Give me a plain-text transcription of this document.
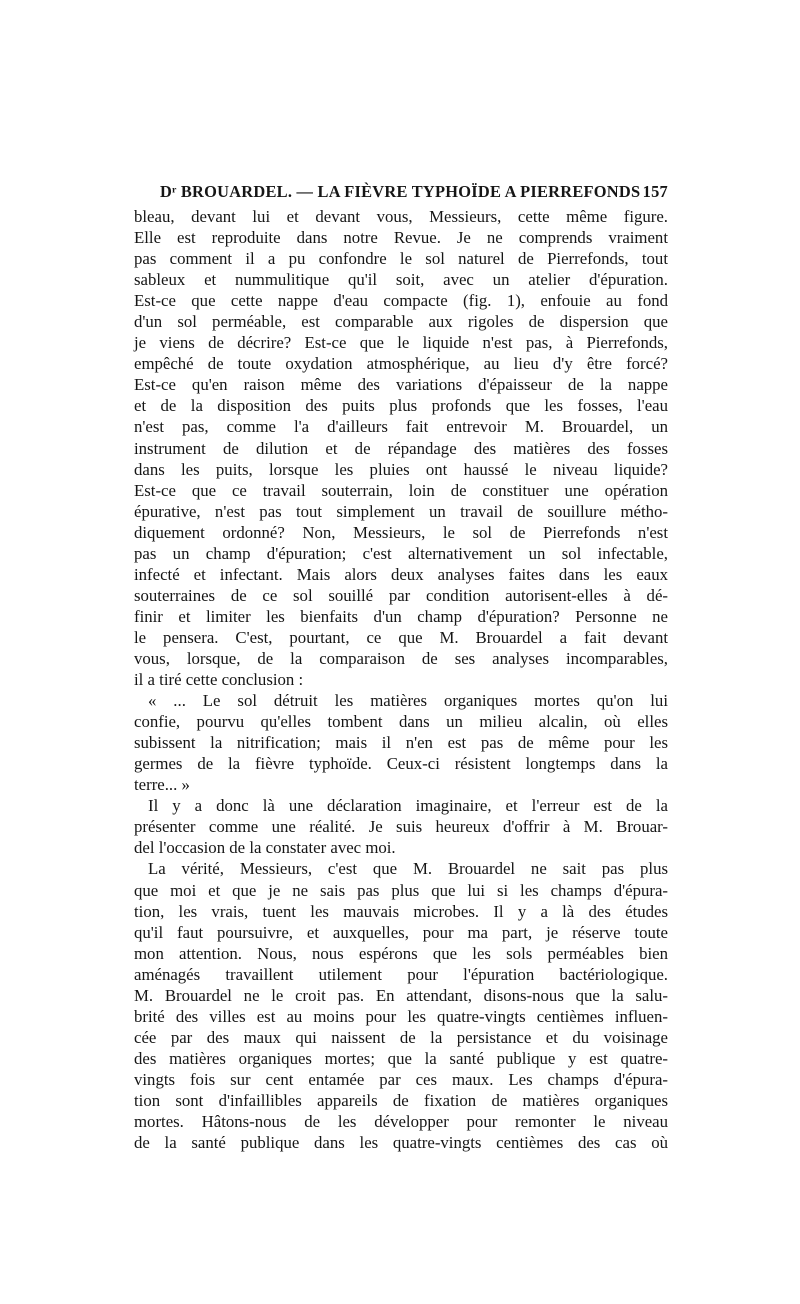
Dʳ BROUARDEL. — LA FIÈVRE TYPHOÏDE A PIERREFONDS 157
bleau, devant lui et devant vous, Messieurs, cette même figure.
Elle est reproduite dans notre Revue. Je ne comprends vraiment
pas comment il a pu confondre le sol naturel de Pierrefonds, tout
sableux et nummulitique qu'il soit, avec un atelier d'épuration.
Est-ce que cette nappe d'eau compacte (fig. 1), enfouie au fond
d'un sol perméable, est comparable aux rigoles de dispersion que
je viens de décrire? Est-ce que le liquide n'est pas, à Pierrefonds,
empêché de toute oxydation atmosphérique, au lieu d'y être forcé?
Est-ce qu'en raison même des variations d'épaisseur de la nappe
et de la disposition des puits plus profonds que les fosses, l'eau
n'est pas, comme l'a d'ailleurs fait entrevoir M. Brouardel, un
instrument de dilution et de répandage des matières des fosses
dans les puits, lorsque les pluies ont haussé le niveau liquide?
Est-ce que ce travail souterrain, loin de constituer une opération
épurative, n'est pas tout simplement un travail de souillure métho-
diquement ordonné? Non, Messieurs, le sol de Pierrefonds n'est
pas un champ d'épuration; c'est alternativement un sol infectable,
infecté et infectant. Mais alors deux analyses faites dans les eaux
souterraines de ce sol souillé par condition autorisent-elles à dé-
finir et limiter les bienfaits d'un champ d'épuration? Personne ne
le pensera. C'est, pourtant, ce que M. Brouardel a fait devant
vous, lorsque, de la comparaison de ses analyses incomparables,
il a tiré cette conclusion :
« ... Le sol détruit les matières organiques mortes qu'on lui
confie, pourvu qu'elles tombent dans un milieu alcalin, où elles
subissent la nitrification; mais il n'en est pas de même pour les
germes de la fièvre typhoïde. Ceux-ci résistent longtemps dans la
terre... »
Il y a donc là une déclaration imaginaire, et l'erreur est de la
présenter comme une réalité. Je suis heureux d'offrir à M. Brouar-
del l'occasion de la constater avec moi.
La vérité, Messieurs, c'est que M. Brouardel ne sait pas plus
que moi et que je ne sais pas plus que lui si les champs d'épura-
tion, les vrais, tuent les mauvais microbes. Il y a là des études
qu'il faut poursuivre, et auxquelles, pour ma part, je réserve toute
mon attention. Nous, nous espérons que les sols perméables bien
aménagés travaillent utilement pour l'épuration bactériologique.
M. Brouardel ne le croit pas. En attendant, disons-nous que la salu-
brité des villes est au moins pour les quatre-vingts centièmes influen-
cée par des maux qui naissent de la persistance et du voisinage
des matières organiques mortes; que la santé publique y est quatre-
vingts fois sur cent entamée par ces maux. Les champs d'épura-
tion sont d'infaillibles appareils de fixation de matières organiques
mortes. Hâtons-nous de les développer pour remonter le niveau
de la santé publique dans les quatre-vingts centièmes des cas où
